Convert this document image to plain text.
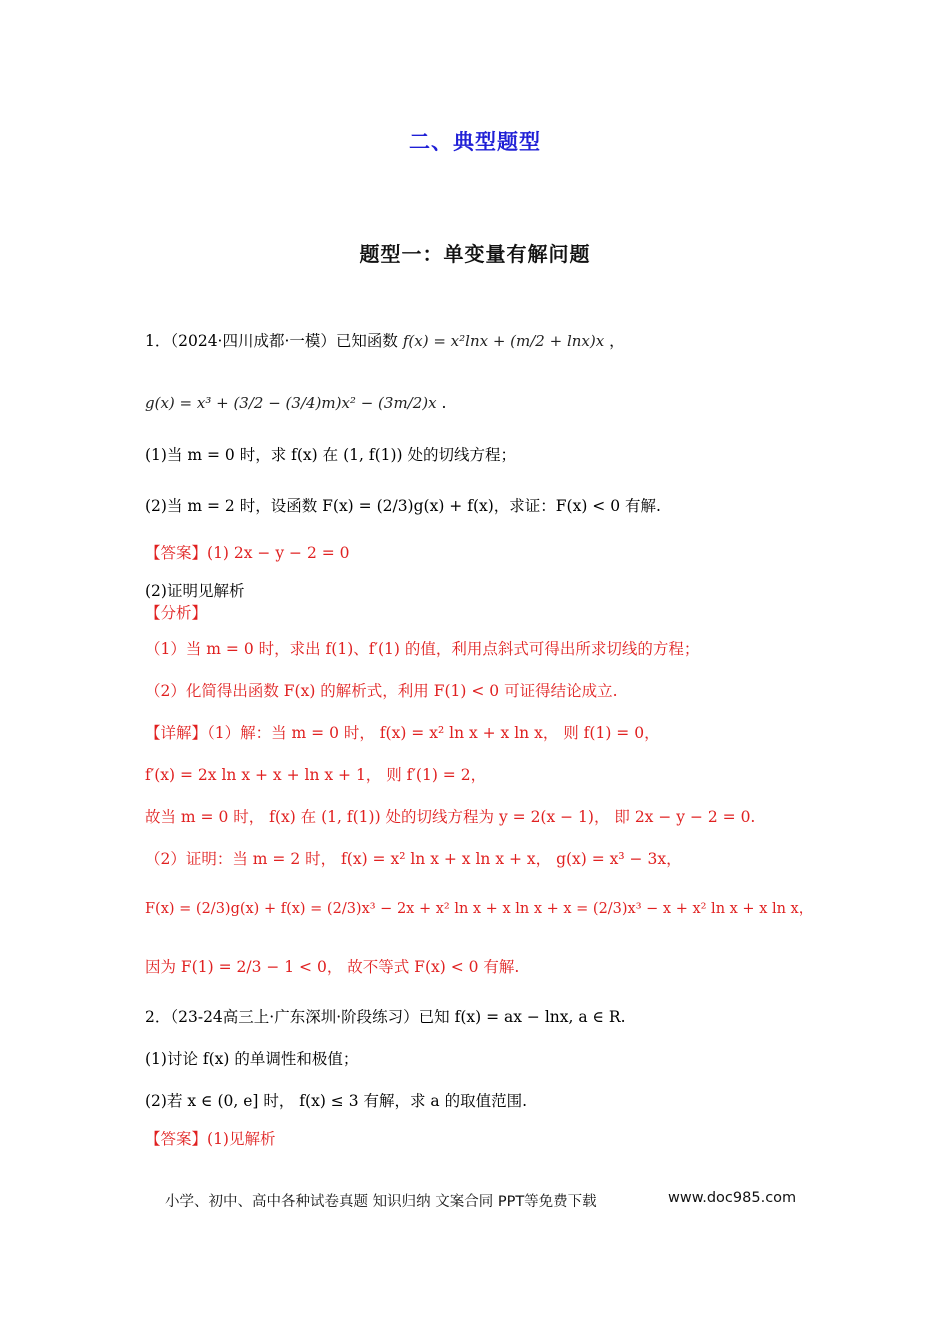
二、典型题型
题型一：单变量有解问题
1．（2024·四川成都·一模）已知函数 f(x) = x²lnx + (m/2 + lnx)x ，
g(x) = x³ + (3/2 − (3/4)m)x² − (3m/2)x .
(1)当 m = 0 时，求 f(x) 在 (1, f(1)) 处的切线方程；
(2)当 m = 2 时，设函数 F(x) = (2/3)g(x) + f(x)，求证：F(x) < 0 有解.
【答案】(1) 2x − y − 2 = 0
(2)证明见解析
【分析】
（1）当 m = 0 时，求出 f(1)、f′(1) 的值，利用点斜式可得出所求切线的方程；
（2）化简得出函数 F(x) 的解析式，利用 F(1) < 0 可证得结论成立.
【详解】（1）解：当 m = 0 时， f(x) = x² ln x + x ln x， 则 f(1) = 0，
f′(x) = 2x ln x + x + ln x + 1， 则 f′(1) = 2，
故当 m = 0 时， f(x) 在 (1, f(1)) 处的切线方程为 y = 2(x − 1)， 即 2x − y − 2 = 0.
（2）证明：当 m = 2 时， f(x) = x² ln x + x ln x + x， g(x) = x³ − 3x，
F(x) = (2/3)g(x) + f(x) = (2/3)x³ − 2x + x² ln x + x ln x + x = (2/3)x³ − x + x² ln x + x ln x，
因为 F(1) = 2/3 − 1 < 0， 故不等式 F(x) < 0 有解.
2．（23-24高三上·广东深圳·阶段练习）已知 f(x) = ax − lnx, a ∈ R.
(1)讨论 f(x) 的单调性和极值；
(2)若 x ∈ (0, e] 时， f(x) ≤ 3 有解，求 a 的取值范围.
【答案】(1)见解析
小学、初中、高中各种试卷真题 知识归纳 文案合同 PPT等免费下载	www.doc985.com
